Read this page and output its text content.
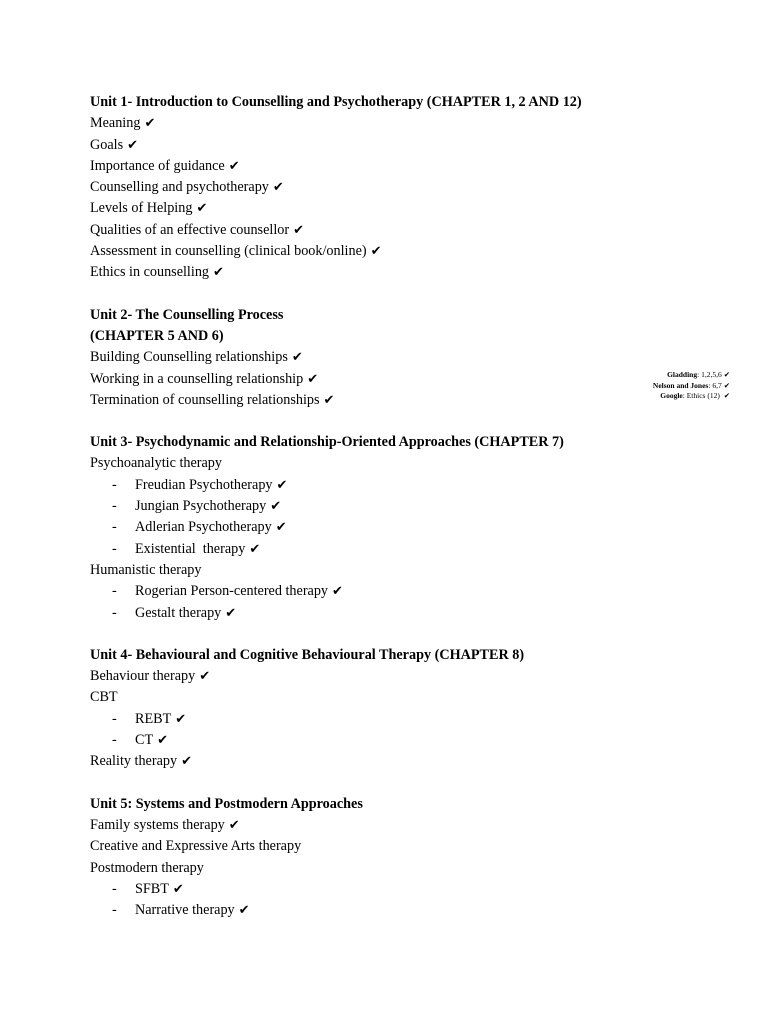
Unit 1- Introduction to Counselling and Psychotherapy (CHAPTER 1, 2 AND 12)
Meaning ✔
Goals ✔
Importance of guidance ✔
Counselling and psychotherapy ✔
Levels of Helping ✔
Qualities of an effective counsellor ✔
Assessment in counselling (clinical book/online) ✔
Ethics in counselling ✔
Unit 2- The Counselling Process
(CHAPTER 5 AND 6)
Building Counselling relationships ✔
Working in a counselling relationship ✔
Termination of counselling relationships ✔
Unit 3- Psychodynamic and Relationship-Oriented Approaches (CHAPTER 7)
Psychoanalytic therapy
- Freudian Psychotherapy ✔
- Jungian Psychotherapy ✔
- Adlerian Psychotherapy ✔
- Existential  therapy ✔
Humanistic therapy
- Rogerian Person-centered therapy ✔
- Gestalt therapy ✔
Unit 4- Behavioural and Cognitive Behavioural Therapy (CHAPTER 8)
Behaviour therapy ✔
CBT
- REBT ✔
- CT ✔
Reality therapy ✔
Unit 5: Systems and Postmodern Approaches
Family systems therapy ✔
Creative and Expressive Arts therapy
Postmodern therapy
- SFBT ✔
- Narrative therapy ✔
Gladding: 1,2,5,6 ✔
Nelson and Jones: 6,7 ✔
Google: Ethics (12) ✔
